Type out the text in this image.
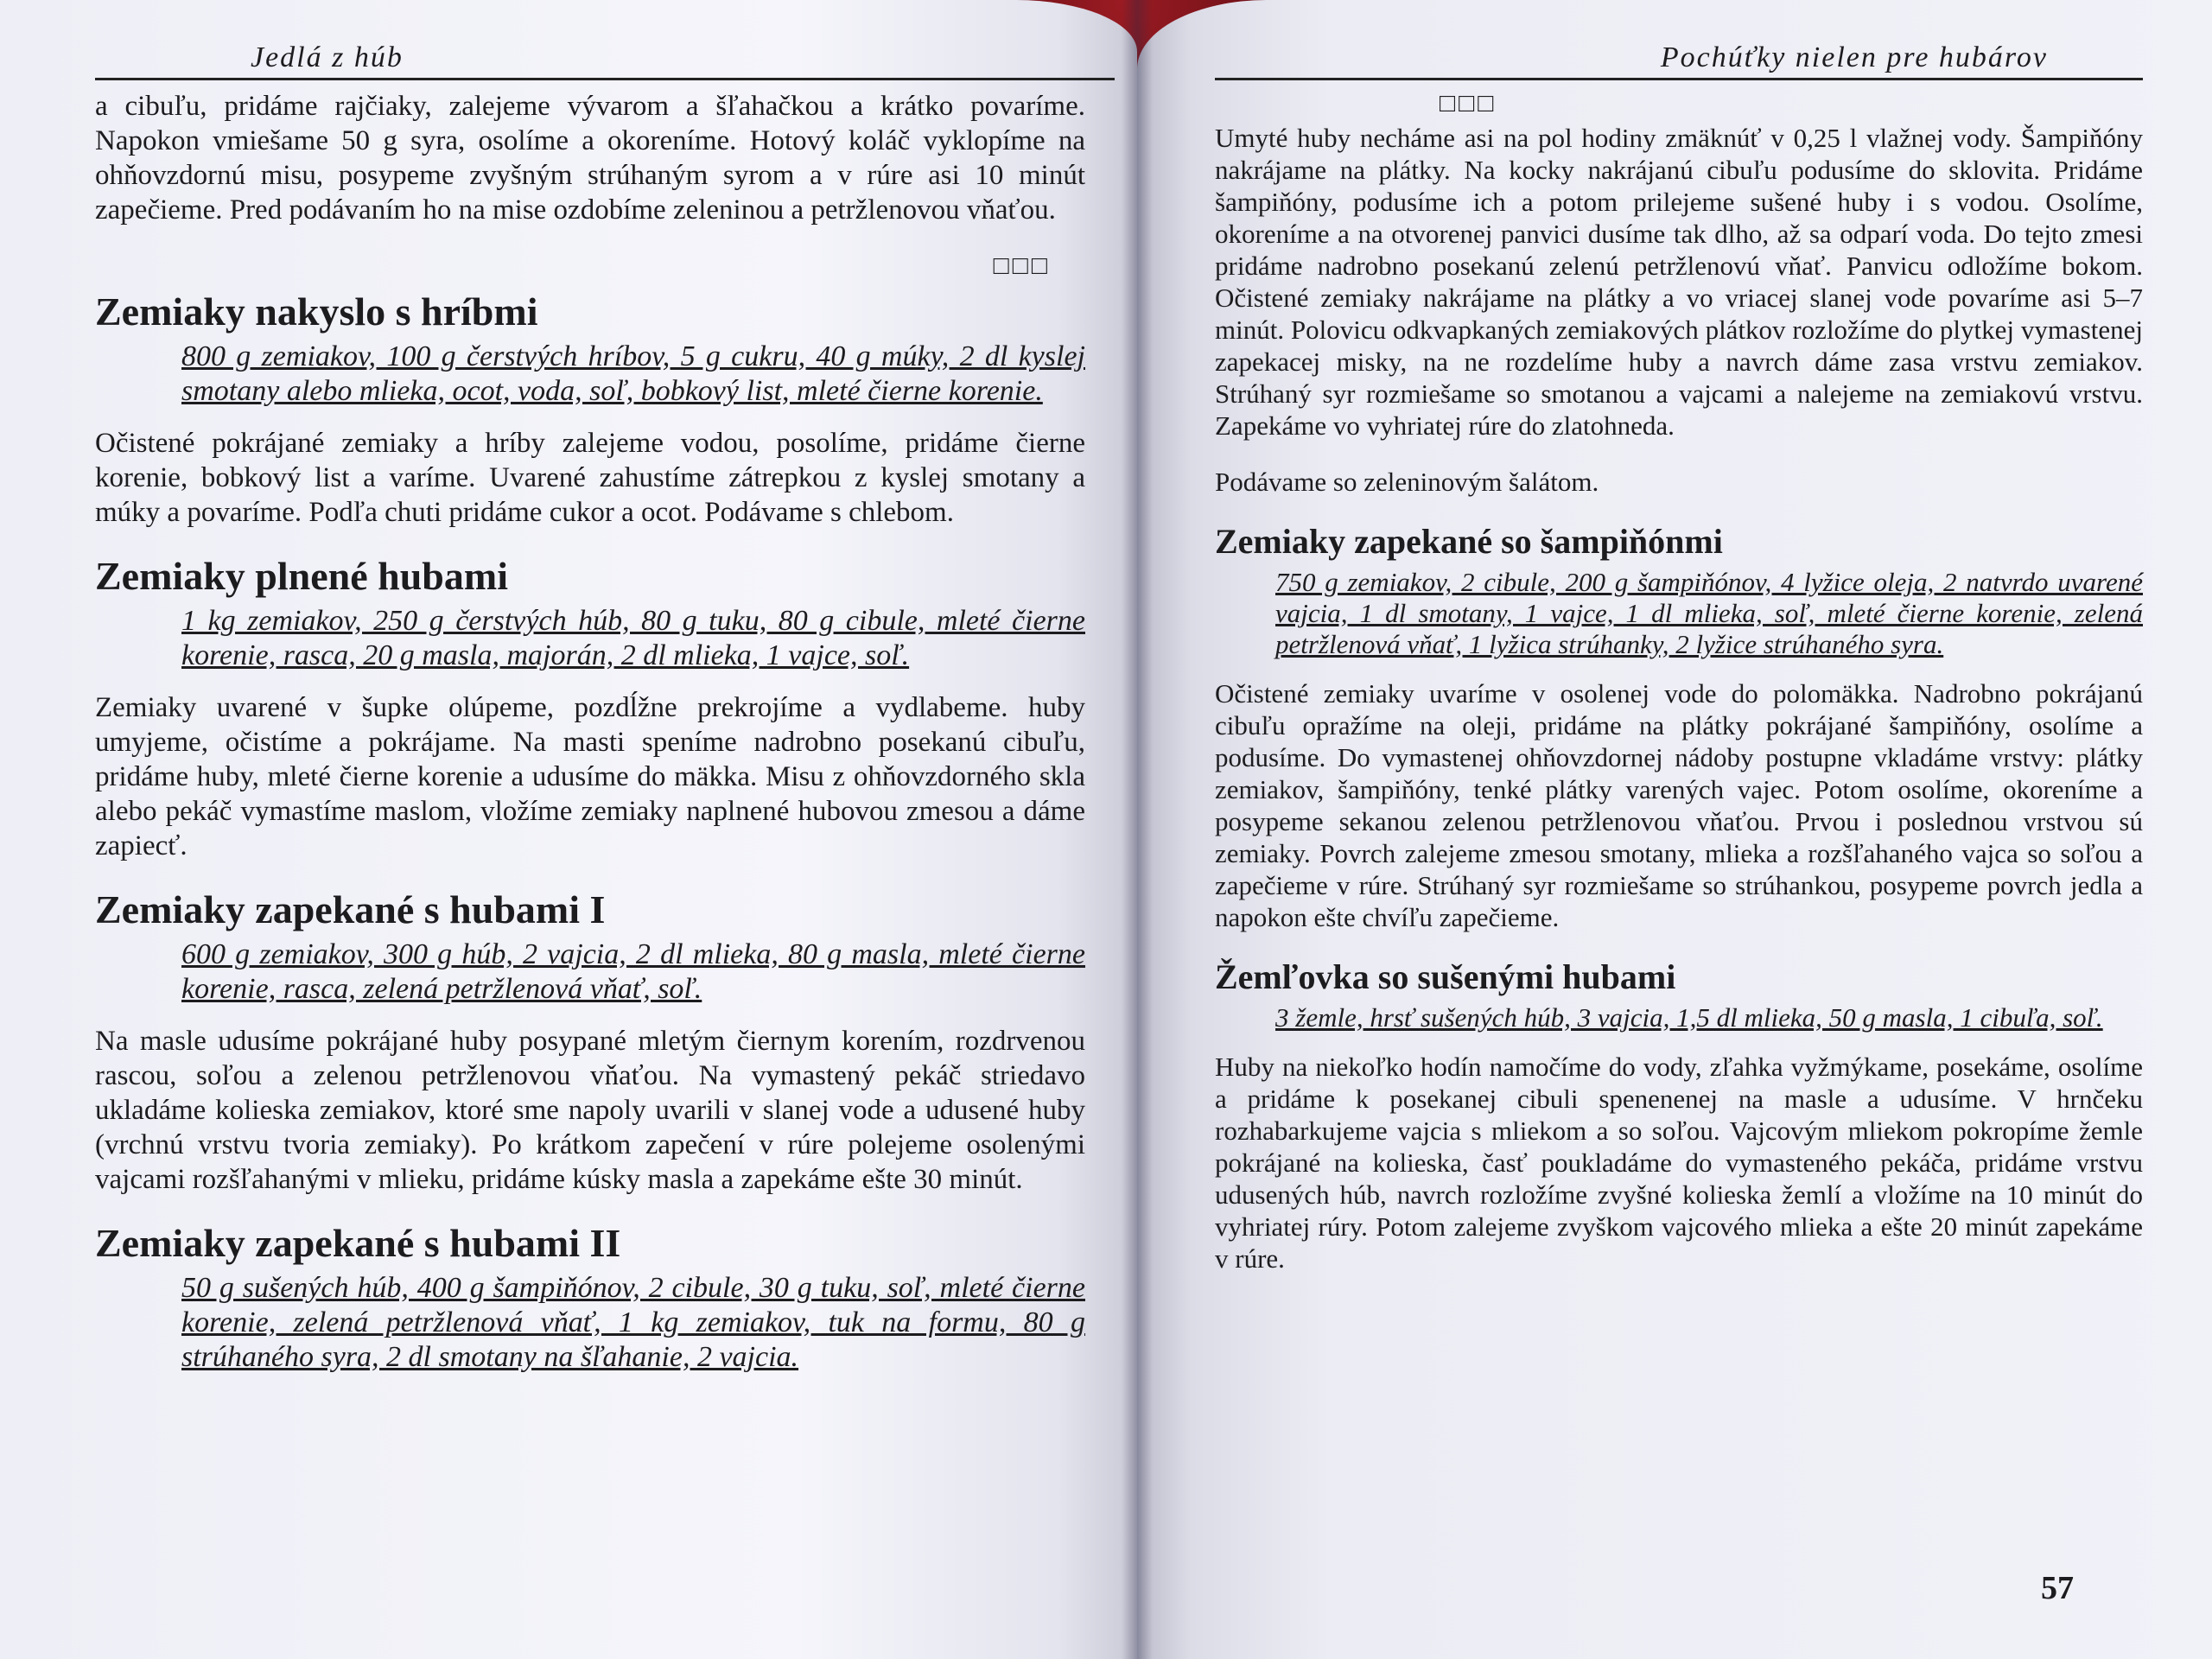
Jedlá z húb
a cibuľu, pridáme rajčiaky, zalejeme vývarom a šľahačkou a krátko povaríme. Napokon vmiešame 50 g syra, osolíme a okoreníme. Hotový koláč vyklopíme na ohňovzdornú misu, posypeme zvyšným strúhaným syrom a v rúre asi 10 minút zapečieme. Pred podávaním ho na mise ozdobíme zeleninou a petržlenovou vňaťou.
□□□
Zemiaky nakyslo s hríbmi
800 g zemiakov, 100 g čerstvých hríbov, 5 g cukru, 40 g múky, 2 dl kyslej smotany alebo mlieka, ocot, voda, soľ, bobkový list, mleté čierne korenie.
Očistené pokrájané zemiaky a hríby zalejeme vodou, posolíme, pridáme čierne korenie, bobkový list a varíme. Uvarené zahustíme zátrepkou z kyslej smotany a múky a povaríme. Podľa chuti pridáme cukor a ocot. Podávame s chlebom.
Zemiaky plnené hubami
1 kg zemiakov, 250 g čerstvých húb, 80 g tuku, 80 g cibule, mleté čierne korenie, rasca, 20 g masla, majorán, 2 dl mlieka, 1 vajce, soľ.
Zemiaky uvarené v šupke olúpeme, pozdĺžne prekrojíme a vydlabeme. huby umyjeme, očistíme a pokrájame. Na masti speníme nadrobno posekanú cibuľu, pridáme huby, mleté čierne korenie a udusíme do mäkka. Misu z ohňovzdorného skla alebo pekáč vymastíme maslom, vložíme zemiaky naplnené hubovou zmesou a dáme zapiecť.
Zemiaky zapekané s hubami I
600 g zemiakov, 300 g húb, 2 vajcia, 2 dl mlieka, 80 g masla, mleté čierne korenie, rasca, zelená petržlenová vňať, soľ.
Na masle udusíme pokrájané huby posypané mletým čiernym korením, rozdrvenou rascou, soľou a zelenou petržlenovou vňaťou. Na vymastený pekáč striedavo ukladáme kolieska zemiakov, ktoré sme napoly uvarili v slanej vode a udusené huby (vrchnú vrstvu tvoria zemiaky). Po krátkom zapečení v rúre polejeme osolenými vajcami rozšľahanými v mlieku, pridáme kúsky masla a zapekáme ešte 30 minút.
Zemiaky zapekané s hubami II
50 g sušených húb, 400 g šampiňónov, 2 cibule, 30 g tuku, soľ, mleté čierne korenie, zelená petržlenová vňať, 1 kg zemiakov, tuk na formu, 80 g strúhaného syra, 2 dl smotany na šľahanie, 2 vajcia.
Pochúťky nielen pre hubárov
□□□
Umyté huby necháme asi na pol hodiny zmäknúť v 0,25 l vlažnej vody. Šampiňóny nakrájame na plátky. Na kocky nakrájanú cibuľu podusíme do sklovita. Pridáme šampiňóny, podusíme ich a potom prilejeme sušené huby i s vodou. Osolíme, okoreníme a na otvorenej panvici dusíme tak dlho, až sa odparí voda. Do tejto zmesi pridáme nadrobno posekanú zelenú petržlenovú vňať. Panvicu odložíme bokom. Očistené zemiaky nakrájame na plátky a vo vriacej slanej vode povaríme asi 5–7 minút. Polovicu odkvapkaných zemiakových plátkov rozložíme do plytkej vymastenej zapekacej misky, na ne rozdelíme huby a navrch dáme zasa vrstvu zemiakov. Strúhaný syr rozmiešame so smotanou a vajcami a nalejeme na zemiakovú vrstvu. Zapekáme vo vyhriatej rúre do zlatohneda.
Podávame so zeleninovým šalátom.
Zemiaky zapekané so šampiňónmi
750 g zemiakov, 2 cibule, 200 g šampiňónov, 4 lyžice oleja, 2 natvrdo uvarené vajcia, 1 dl smotany, 1 vajce, 1 dl mlieka, soľ, mleté čierne korenie, zelená petržlenová vňať, 1 lyžica strúhanky, 2 lyžice strúhaného syra.
Očistené zemiaky uvaríme v osolenej vode do polomäkka. Nadrobno pokrájanú cibuľu opražíme na oleji, pridáme na plátky pokrájané šampiňóny, osolíme a podusíme. Do vymastenej ohňovzdornej nádoby postupne vkladáme vrstvy: plátky zemiakov, šampiňóny, tenké plátky varených vajec. Potom osolíme, okoreníme a posypeme sekanou zelenou petržlenovou vňaťou. Prvou i poslednou vrstvou sú zemiaky. Povrch zalejeme zmesou smotany, mlieka a rozšľahaného vajca so soľou a zapečieme v rúre. Strúhaný syr rozmiešame so strúhankou, posypeme povrch jedla a napokon ešte chvíľu zapečieme.
Žemľovka so sušenými hubami
3 žemle, hrsť sušených húb, 3 vajcia, 1,5 dl mlieka, 50 g masla, 1 cibuľa, soľ.
Huby na niekoľko hodín namočíme do vody, zľahka vyžmýkame, posekáme, osolíme a pridáme k posekanej cibuli spenenenej na masle a udusíme. V hrnčeku rozhabarkujeme vajcia s mliekom a so soľou. Vajcovým mliekom pokropíme žemle pokrájané na kolieska, časť poukladáme do vymasteného pekáča, pridáme vrstvu udusených húb, navrch rozložíme zvyšné kolieska žemlí a vložíme na 10 minút do vyhriatej rúry. Potom zalejeme zvyškom vajcového mlieka a ešte 20 minút zapekáme v rúre.
57
